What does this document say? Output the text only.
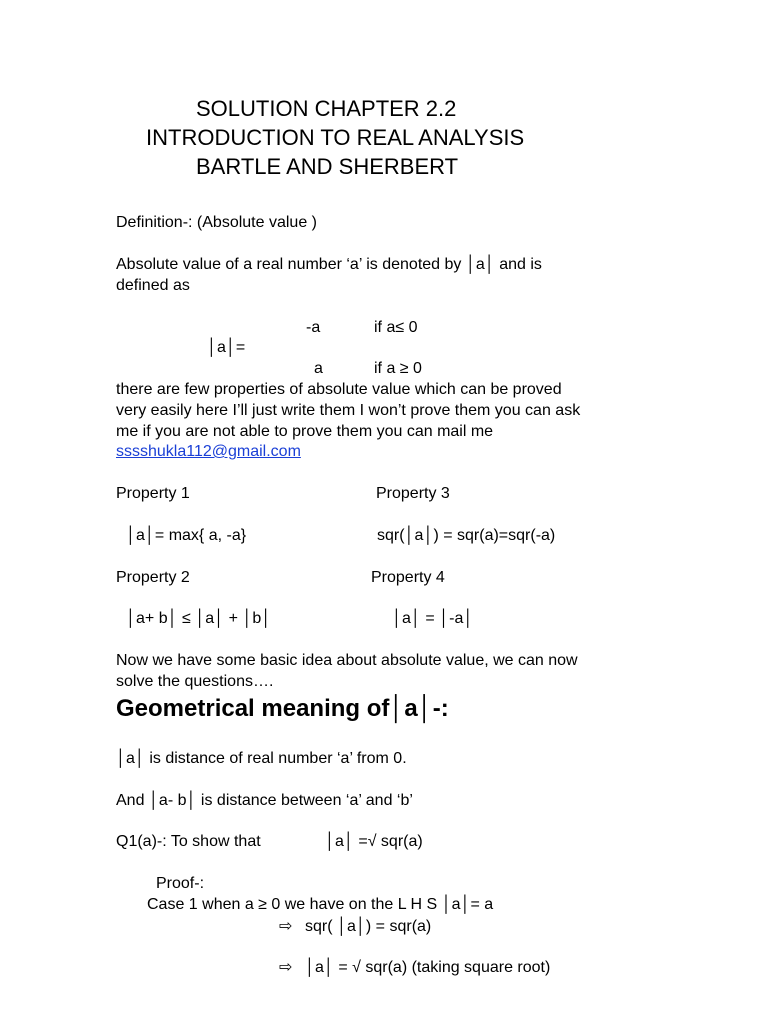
SOLUTION CHAPTER 2.2
INTRODUCTION TO REAL ANALYSIS
BARTLE AND SHERBERT
Definition-: (Absolute value )
Absolute value of a real number ‘a’ is denoted by │a│ and is
defined as
-a	if a≤ 0
│a│=
a	if a ≥ 0
there are few properties of absolute value which can be proved
very easily here I’ll just write them I won’t prove them you can ask
me if you are not able to prove them you can mail me
sssshukla112@gmail.com
Property 1	Property 3
│a│= max{ a, -a}	sqr(│a│) = sqr(a)=sqr(-a)
Property 2	Property 4
│a+ b│ ≤ │a│ + │b│	│a│ = │-a│
Now we have some basic idea about absolute value, we can now
solve the questions….
Geometrical meaning of│a│-:
│a│ is distance of real number ‘a’ from 0.
And │a- b│ is distance between ‘a’ and ‘b’
Q1(a)-: To show that	│a│ =√ sqr(a)
Proof-:
Case 1 when a ≥ 0 we have on the L H S │a│= a
⇨ sqr( │a│) = sqr(a)
⇨ │a│ = √ sqr(a) (taking square root)
